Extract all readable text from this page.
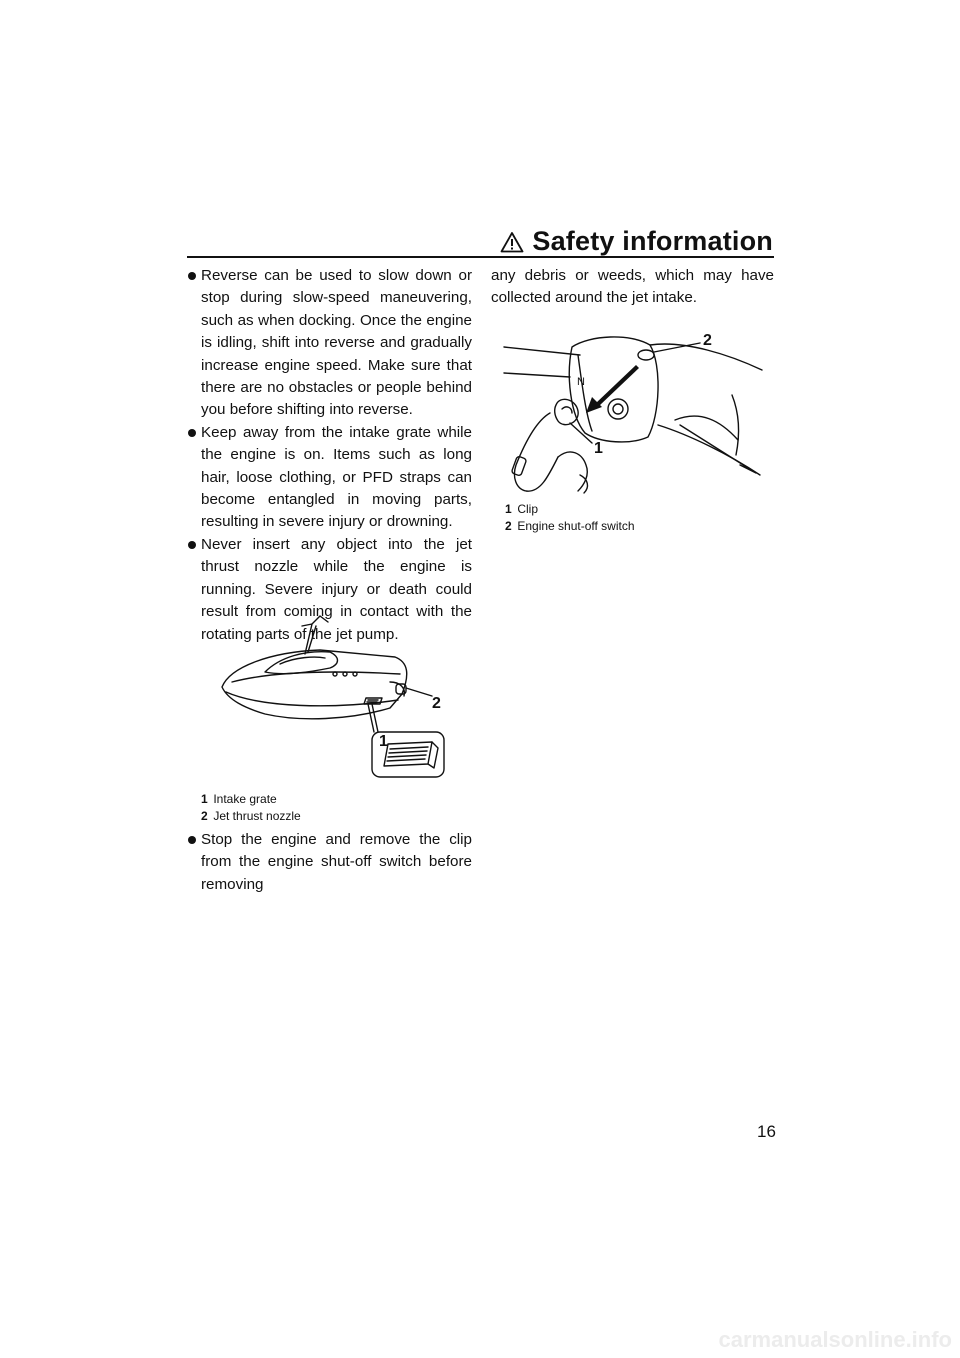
Safety information

Reverse can be used to slow down or stop during slow-speed maneuvering, such as when docking. Once the engine is idling, shift into reverse and gradually increase engine speed. Make sure that there are no obstacles or people behind you before shifting into reverse.

Keep away from the intake grate while the engine is on. Items such as long hair, loose clothing, or PFD straps can become entangled in moving parts, resulting in severe injury or drowning.

Never insert any object into the jet thrust nozzle while the engine is running. Severe injury or death could result from coming in contact with the rotating parts of the jet pump.

2
1
1 Intake grate
2 Jet thrust nozzle

Stop the engine and remove the clip from the engine shut-off switch before removing

any debris or weeds, which may have collected around the jet intake.

N
2
1
1 Clip
2 Engine shut-off switch
16
carmanualsonline.info
